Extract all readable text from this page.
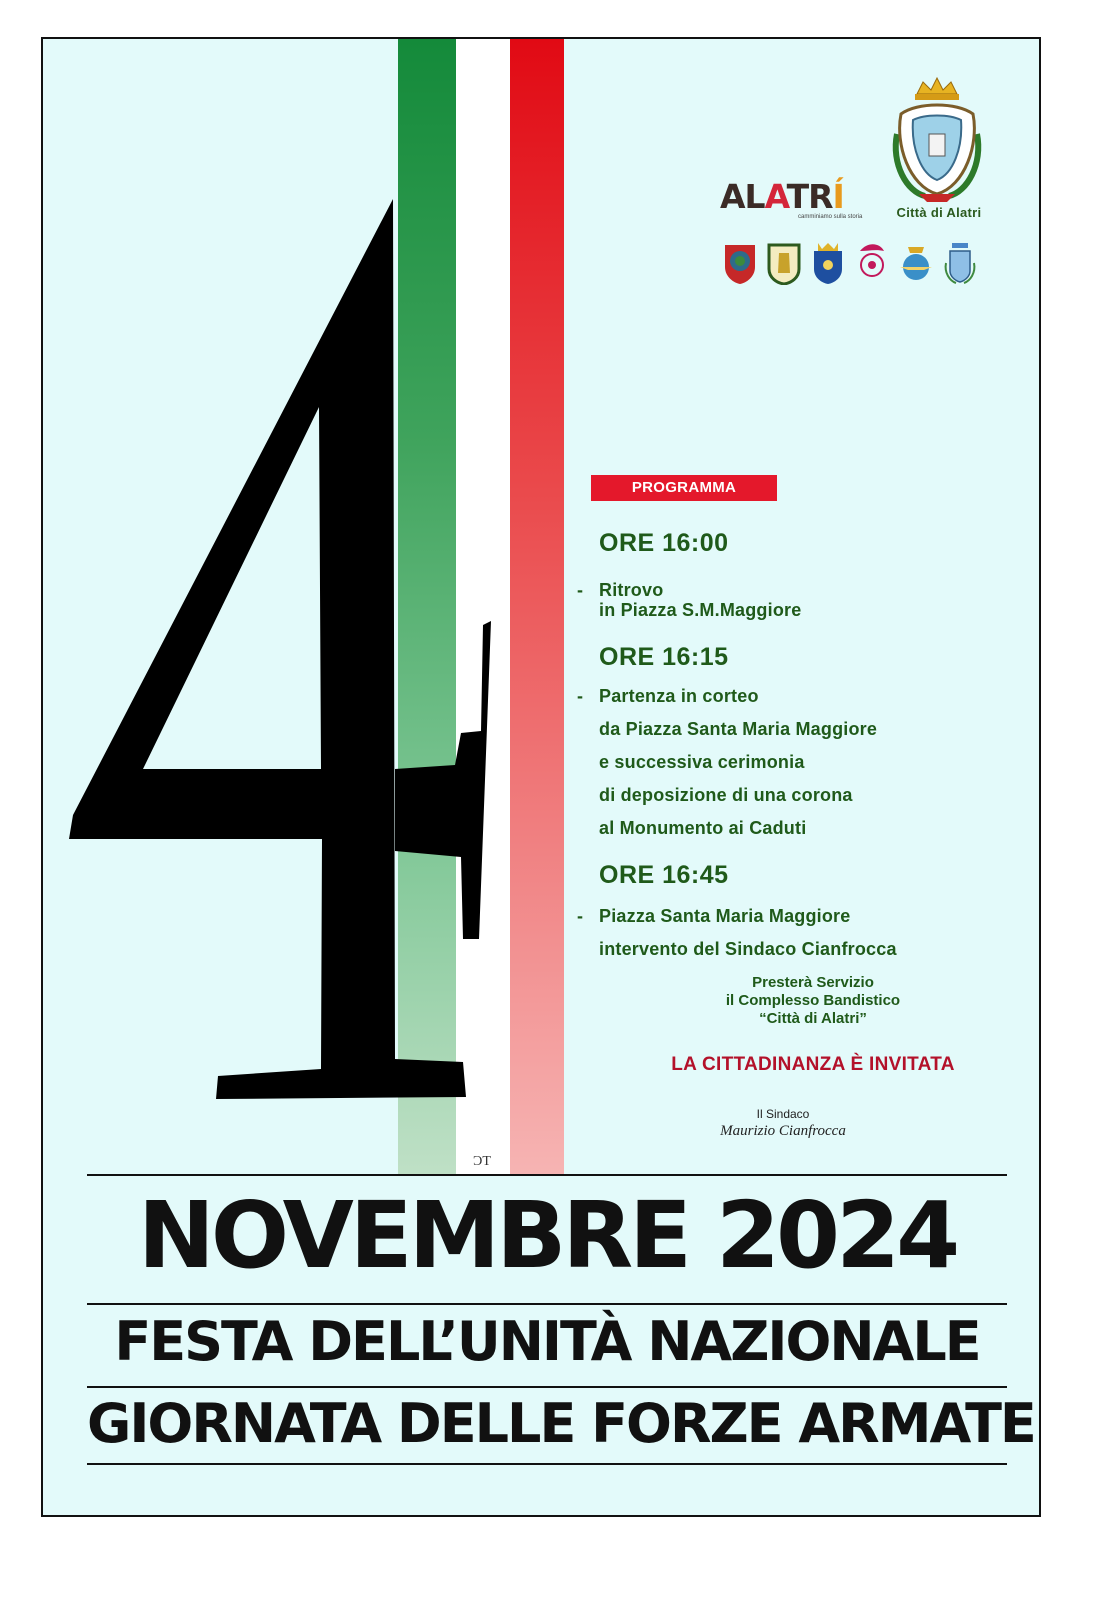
ALATRÍ
camminiamo sulla storia	Città di Alatri
PROGRAMMA
ORE 16:00
- Ritrovo
in Piazza S.M.Maggiore
ORE 16:15
- Partenza in corteo
da Piazza Santa Maria Maggiore
e successiva cerimonia
di deposizione di una corona
al Monumento ai Caduti
ORE 16:45
- Piazza Santa Maria Maggiore
intervento del Sindaco Cianfrocca
Presterà Servizio
il Complesso Bandistico
“Città di Alatri”
LA CITTADINANZA È INVITATA
Il Sindaco
Maurizio Cianfrocca
ƆT
NOVEMBRE 2024
FESTA DELL’UNITÀ NAZIONALE
GIORNATA DELLE FORZE ARMATE
